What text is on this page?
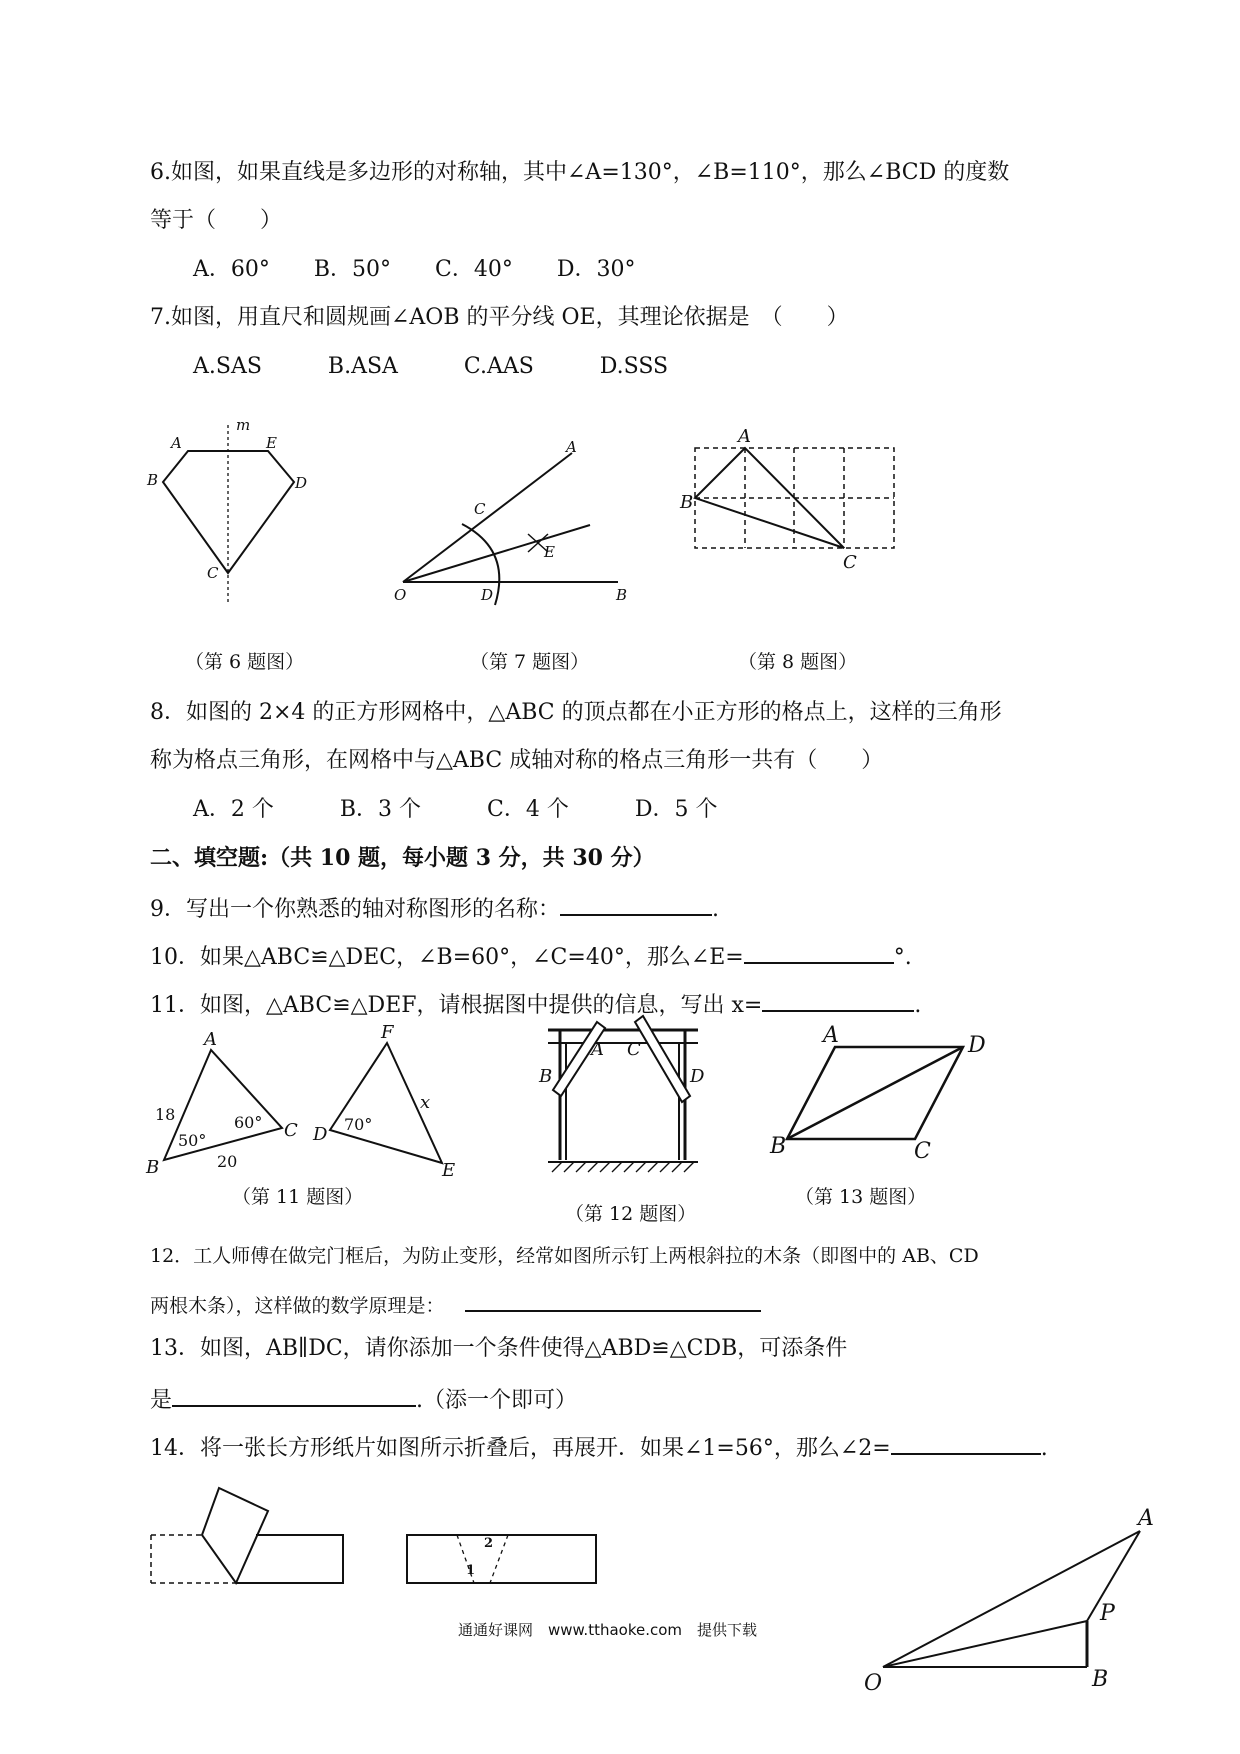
6.如图，如果直线是多边形的对称轴，其中∠A=130°，∠B=110°，那么∠BCD 的度数
等于（　　）
A．60°　　B．50°　　C．40°　　D．30°
7.如图，用直尺和圆规画∠AOB 的平分线 OE，其理论依据是　（　　）
A.SAS　　　B.ASA　　　C.AAS　　　D.SSS
（第 6 题图）	（第 7 题图）	（第 8 题图）
8．如图的 2×4 的正方形网格中，△ABC 的顶点都在小正方形的格点上，这样的三角形
称为格点三角形，在网格中与△ABC 成轴对称的格点三角形一共有（　　）
A．2 个　　　B．3 个　　　C．4 个　　　D．5 个
二、填空题:（共 10 题，每小题 3 分，共 30 分）
9．写出一个你熟悉的轴对称图形的名称：	.
10．如果△ABC≌△DEC，∠B=60°，∠C=40°，那么∠E=	°.
11．如图，△ABC≌△DEF，请根据图中提供的信息，写出 x=	.
（第 11 题图）
（第 12 题图）
（第 13 题图）
12．工人师傅在做完门框后，为防止变形，经常如图所示钉上两根斜拉的木条（即图中的 AB、CD
两根木条），这样做的数学原理是：
13．如图，AB∥DC，请你添加一个条件使得△ABD≌△CDB，可添条件
是	.（添一个即可）
14．将一张长方形纸片如图所示折叠后，再展开．如果∠1=56°，那么∠2=	.
通通好课网　www.tthaoke.com　提供下载
A	E
B	D
C
m
A
C
E
O	D	B
A
B
C
A
B
C
F
D
E
x
18
20
50°
60°	70°
A C
B	D
A	D
B	C
A
P
B
O
1
2
